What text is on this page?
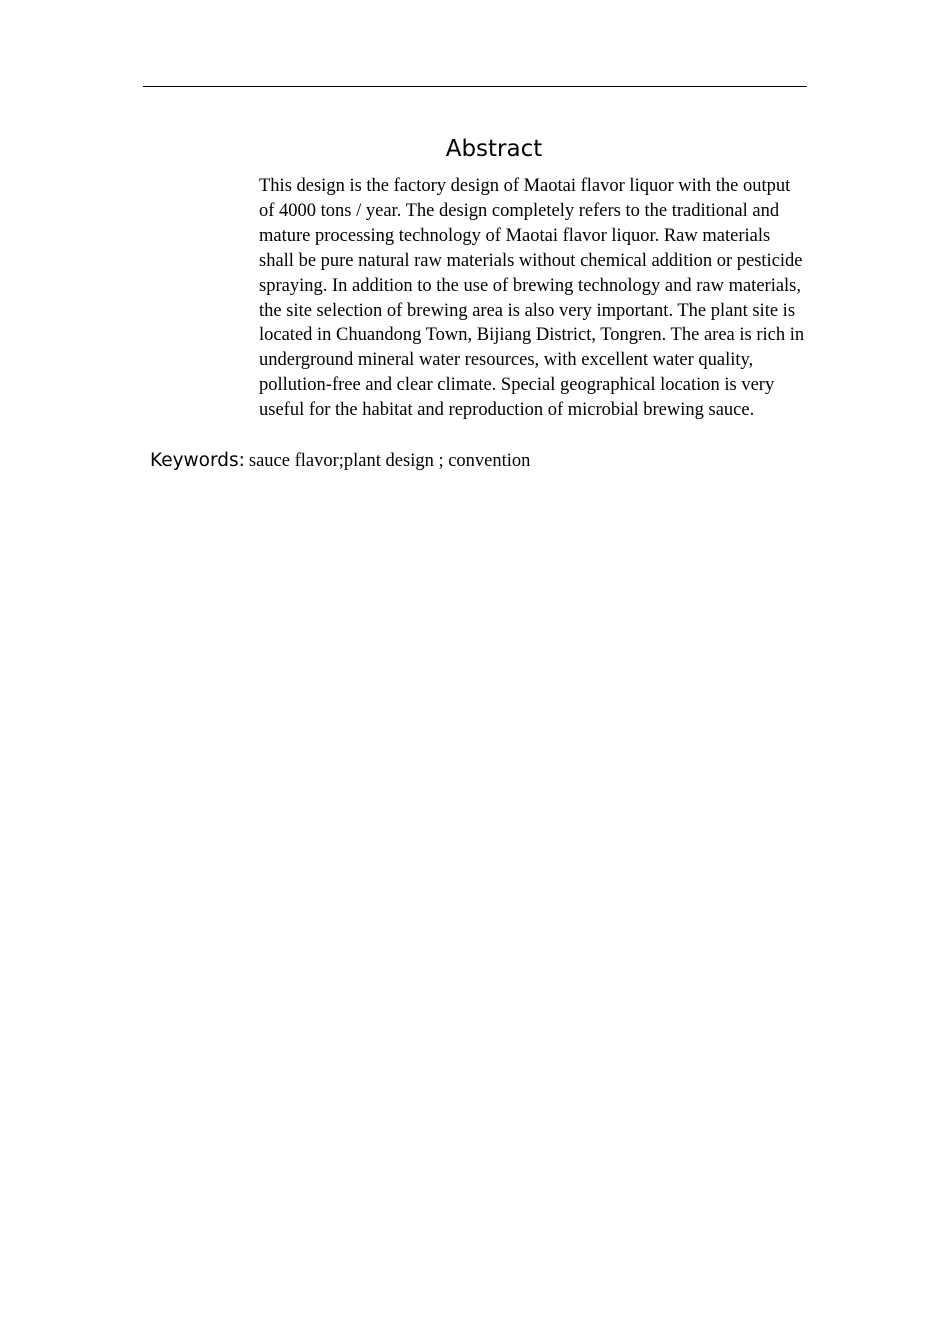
Abstract

This design is the factory design of Maotai flavor liquor with the output of 4000 tons / year. The design completely refers to the traditional and mature processing technology of Maotai flavor liquor. Raw materials shall be pure natural raw materials without chemical addition or pesticide spraying. In addition to the use of brewing technology and raw materials, the site selection of brewing area is also very important. The plant site is located in Chuandong Town, Bijiang District, Tongren. The area is rich in underground mineral water resources, with excellent water quality, pollution-free and clear climate. Special geographical location is very useful for the habitat and reproduction of microbial brewing sauce.

Keywords: sauce flavor;plant design ; convention
